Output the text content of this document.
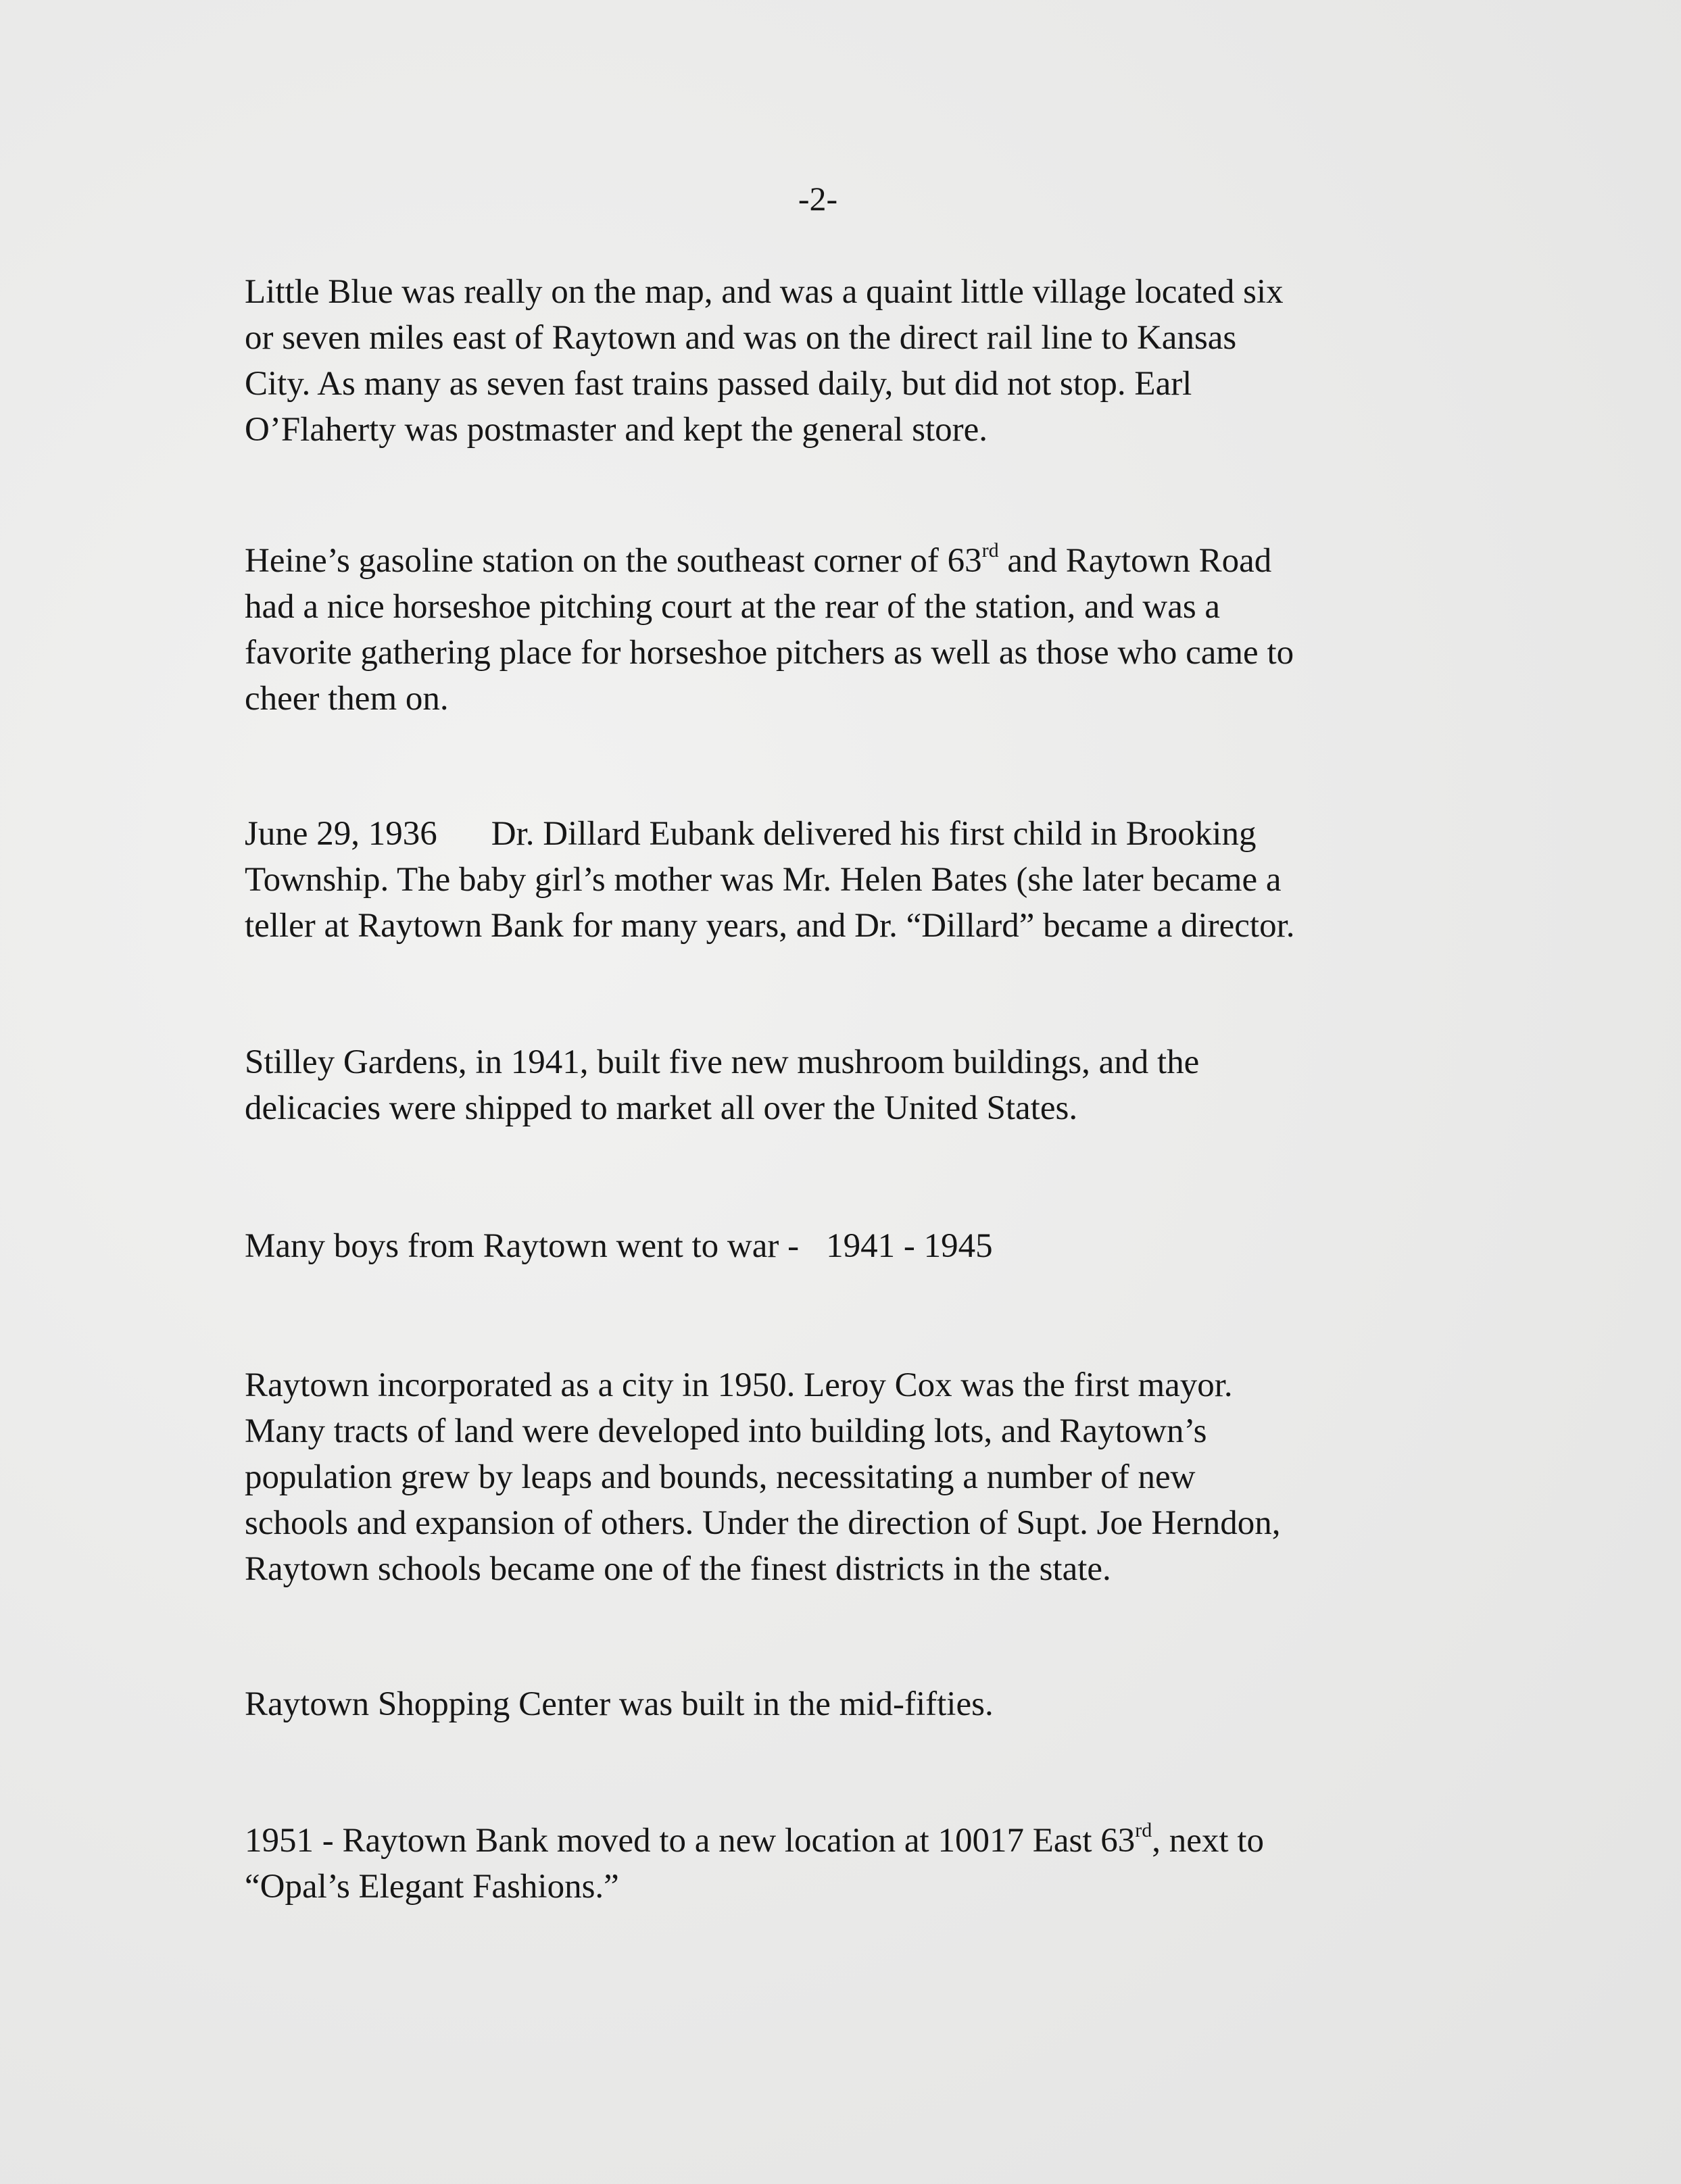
-2-

Little Blue was really on the map, and was a quaint little village located six
or seven miles east of Raytown and was on the direct rail line to Kansas
City. As many as seven fast trains passed daily, but did not stop. Earl
O’Flaherty was postmaster and kept the general store.

Heine’s gasoline station on the southeast corner of 63rd and Raytown Road
had a nice horseshoe pitching court at the rear of the station, and was a
favorite gathering place for horseshoe pitchers as well as those who came to
cheer them on.

June 29, 1936 Dr. Dillard Eubank delivered his first child in Brooking
Township. The baby girl’s mother was Mr. Helen Bates (she later became a
teller at Raytown Bank for many years, and Dr. “Dillard” became a director.

Stilley Gardens, in 1941, built five new mushroom buildings, and the
delicacies were shipped to market all over the United States.

Many boys from Raytown went to war - 1941 - 1945

Raytown incorporated as a city in 1950. Leroy Cox was the first mayor.
Many tracts of land were developed into building lots, and Raytown’s
population grew by leaps and bounds, necessitating a number of new
schools and expansion of others. Under the direction of Supt. Joe Herndon,
Raytown schools became one of the finest districts in the state.

Raytown Shopping Center was built in the mid-fifties.

1951 - Raytown Bank moved to a new location at 10017 East 63rd, next to
“Opal’s Elegant Fashions.”
